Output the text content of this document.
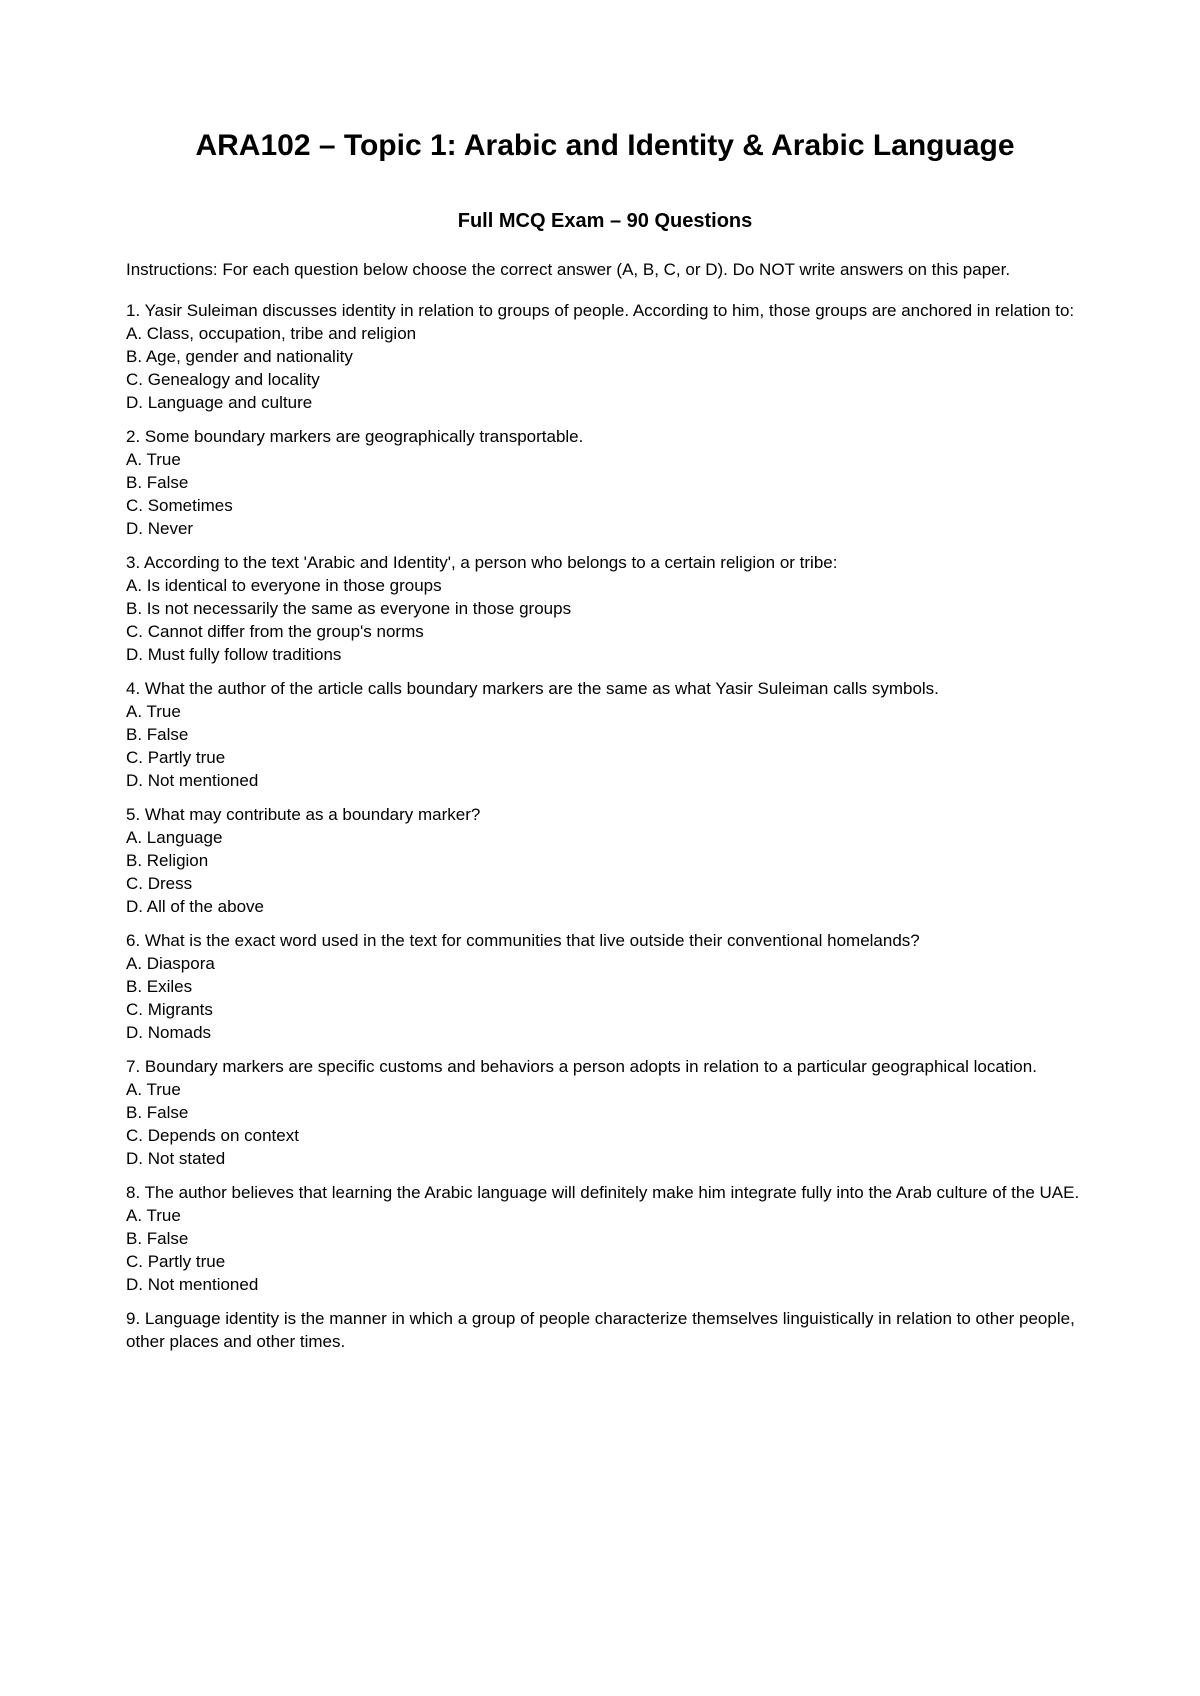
ARA102 – Topic 1: Arabic and Identity & Arabic Language
Full MCQ Exam – 90 Questions

Instructions: For each question below choose the correct answer (A, B, C, or D). Do NOT write answers on this paper.

1. Yasir Suleiman discusses identity in relation to groups of people. According to him, those groups are anchored in relation to:

A. Class, occupation, tribe and religion

B. Age, gender and nationality

C. Genealogy and locality

D. Language and culture

2. Some boundary markers are geographically transportable.

A. True

B. False

C. Sometimes

D. Never

3. According to the text 'Arabic and Identity', a person who belongs to a certain religion or tribe:

A. Is identical to everyone in those groups

B. Is not necessarily the same as everyone in those groups

C. Cannot differ from the group's norms

D. Must fully follow traditions

4. What the author of the article calls boundary markers are the same as what Yasir Suleiman calls symbols.

A. True

B. False

C. Partly true

D. Not mentioned

5. What may contribute as a boundary marker?

A. Language

B. Religion

C. Dress

D. All of the above

6. What is the exact word used in the text for communities that live outside their conventional homelands?

A. Diaspora

B. Exiles

C. Migrants

D. Nomads

7. Boundary markers are specific customs and behaviors a person adopts in relation to a particular geographical location.

A. True

B. False

C. Depends on context

D. Not stated

8. The author believes that learning the Arabic language will definitely make him integrate fully into the Arab culture of the UAE.

A. True

B. False

C. Partly true

D. Not mentioned

9. Language identity is the manner in which a group of people characterize themselves linguistically in relation to other people, other places and other times.
